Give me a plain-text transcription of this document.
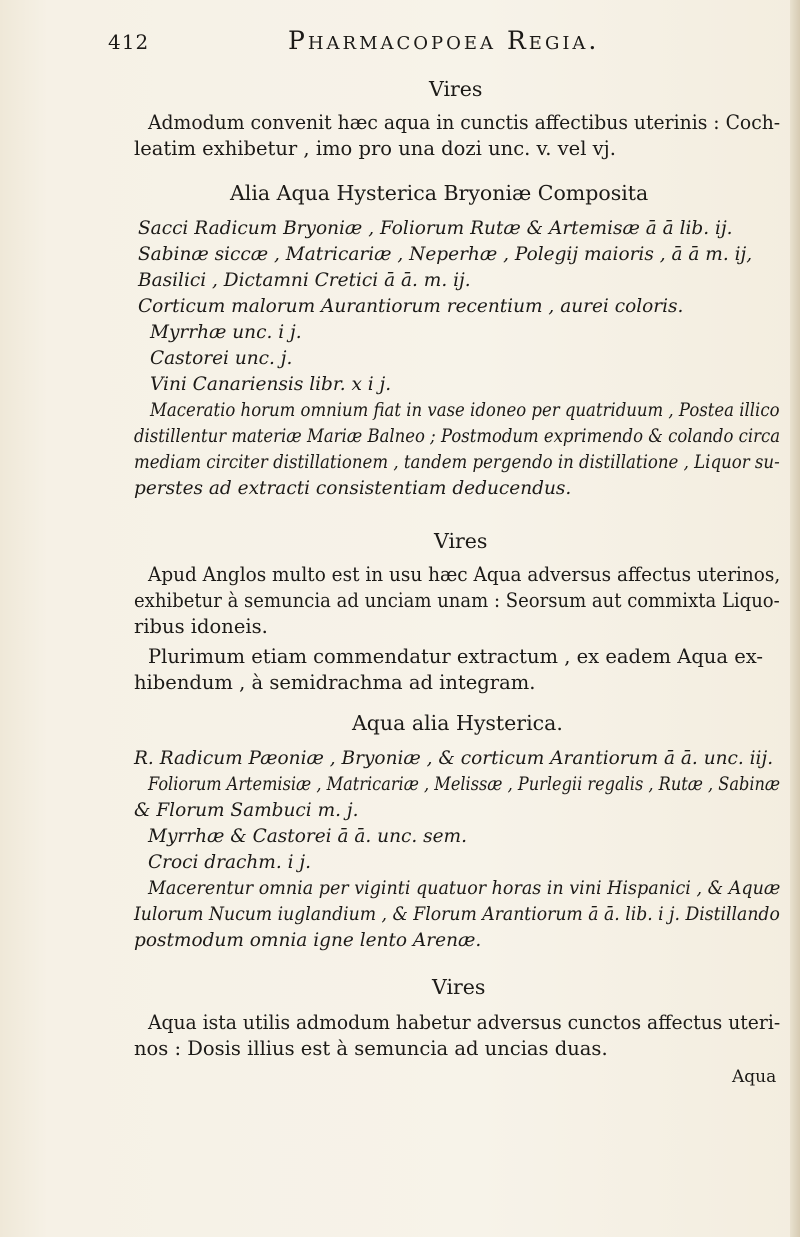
412	Pharmacopoea Regia.
Vires
Admodum convenit hæc aqua in cunctis affectibus uterinis : Coch-
leatim exhibetur , imo pro una dozi unc. v. vel vj.
Alia Aqua Hysterica Bryoniæ Composita
Sacci Radicum Bryoniæ , Foliorum Rutæ & Artemisæ ā ā lib. ij.
Sabinæ siccæ , Matricariæ , Neperhæ , Polegij maioris , ā ā m. ij,
Basilici , Dictamni Cretici ā ā. m. ij.
Corticum malorum Aurantiorum recentium , aurei coloris.
Myrrhæ unc. i j.
Castorei unc. j.
Vini Canariensis libr. x i j.
Maceratio horum omnium fiat in vase idoneo per quatriduum , Postea illico
distillentur materiæ Mariæ Balneo ; Postmodum exprimendo & colando circa
mediam circiter distillationem , tandem pergendo in distillatione , Liquor su-
perstes ad extracti consistentiam deducendus.
Vires
Apud Anglos multo est in usu hæc Aqua adversus affectus uterinos,
exhibetur à semuncia ad unciam unam : Seorsum aut commixta Liquo-
ribus idoneis.
Plurimum etiam commendatur extractum , ex eadem Aqua ex-
hibendum , à semidrachma ad integram.
Aqua alia Hysterica.
R. Radicum Pæoniæ , Bryoniæ , & corticum Arantiorum ā ā. unc. iij.
Foliorum Artemisiæ , Matricariæ , Melissæ , Purlegii regalis , Rutæ , Sabinæ
& Florum Sambuci m. j.
Myrrhæ & Castorei ā ā. unc. sem.
Croci drachm. i j.
Macerentur omnia per viginti quatuor horas in vini Hispanici , & Aquæ
Iulorum Nucum iuglandium , & Florum Arantiorum ā ā. lib. i j. Distillando
postmodum omnia igne lento Arenæ.
Vires
Aqua ista utilis admodum habetur adversus cunctos affectus uteri-
nos : Dosis illius est à semuncia ad uncias duas.
Aqua
